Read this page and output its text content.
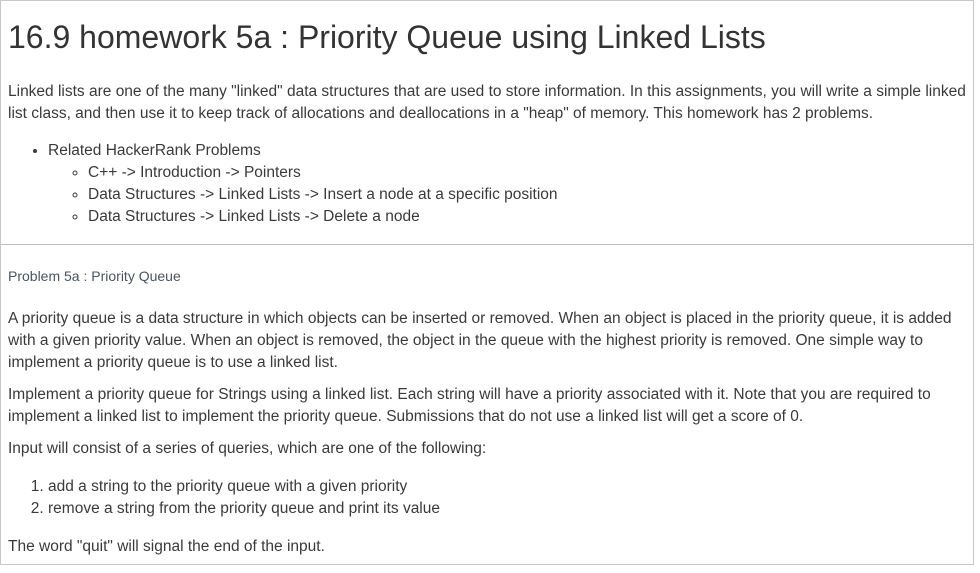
16.9 homework 5a : Priority Queue using Linked Lists

Linked lists are one of the many "linked" data structures that are used to store information. In this assignments, you will write a simple linked list class, and then use it to keep track of allocations and deallocations in a "heap" of memory. This homework has 2 problems.

• Related HackerRank Problems
◦ C++ -> Introduction -> Pointers
◦ Data Structures -> Linked Lists -> Insert a node at a specific position
◦ Data Structures -> Linked Lists -> Delete a node
Problem 5a : Priority Queue

A priority queue is a data structure in which objects can be inserted or removed. When an object is placed in the priority queue, it is added with a given priority value. When an object is removed, the object in the queue with the highest priority is removed. One simple way to implement a priority queue is to use a linked list.

Implement a priority queue for Strings using a linked list. Each string will have a priority associated with it. Note that you are required to implement a linked list to implement the priority queue. Submissions that do not use a linked list will get a score of 0.

Input will consist of a series of queries, which are one of the following:

1. add a string to the priority queue with a given priority
2. remove a string from the priority queue and print its value

The word "quit" will signal the end of the input.
